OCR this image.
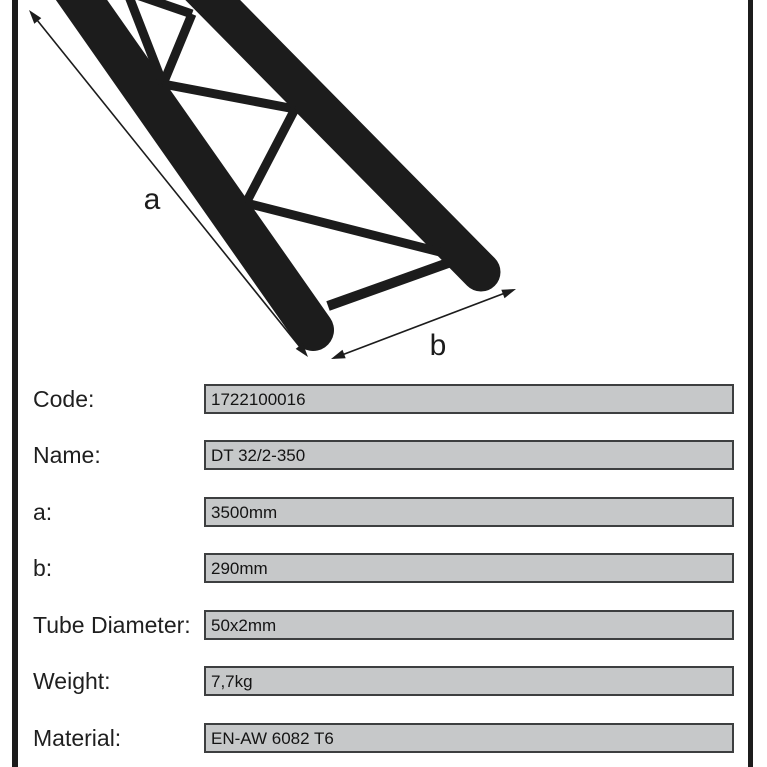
a
b
Code:	1722100016
Name:	DT 32/2-350
a:	3500mm
b:	290mm
Tube Diameter: 50x2mm
Weight:	7,7kg
Material:	EN-AW 6082 T6
